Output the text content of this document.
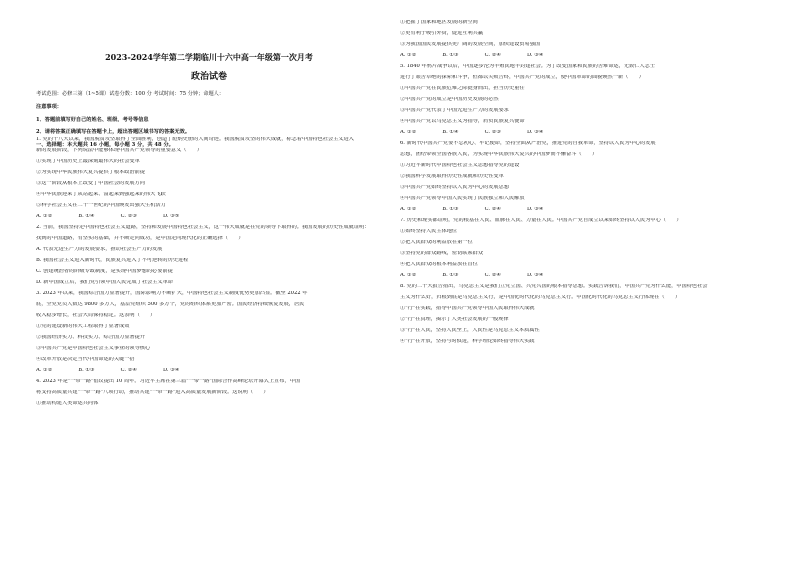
2023-2024学年第二学期临川十六中高一年级第一次月考
政治试卷
考试范围：必修三第（1~5课）试卷分数：100 分 考试时间：75 分钟；命题人：
注意事项：
1．答题前填写好自己的姓名、班级、考号等信息
2．请将答案正确填写在答题卡上，超出答题区域书写的答案无效。
一、选择题：本大题共 16 小题，每小题 3 分，共 48 分。
1. 党的十八大以来，我国脱贫攻坚取得了全面胜利，创造了彪炳史册的人间奇迹。我国脱贫攻坚的伟大成就，标志着中国特色社会主义进入
新的发展阶段，下列说法中能够体现中国共产党领导的重要意义（　　）
①实现了中国历史上最深刻最伟大的社会变革
②为实现中华民族伟大复兴提供了根本政治前提
③这一阶段从根本上改变了中国社会的发展方向
④中华民族迎来了从站起来、富起来到强起来的伟大飞跃
⑤科学社会主义在二十一世纪的中国焕发出强大生机活力
A. ①②　　　　　B. ①④　　　　　C. ②③　　　　　D. ③⑤
2. 当前，我国坚持走中国特色社会主义道路，坚持和发展中国特色社会主义，这一伟大成就是在党的领导下取得的。我国发展的历史性成就证明：
找到的中国道路，有坚实的基础，并不断走向成功，是中国走向现代化的正确选择（　　）
A. 代表先进生产力的发展要求，推动社会生产力的发展
B. 我国社会主义进入新时代，民族复兴进入了不可逆转的历史进程
C. 创建统治者的阶级专政制度，是实现中国梦想的必要前提
D. 新中国成立后，我们党引领中国人民完成了社会主义革命
3. 2023 年以来，我国综合国力显著提升，国际影响力不断扩大，中国特色社会主义制度优势更加凸显。截至 2022 年
底，全党党员人数达 9800 多万人，基层党组织 500 多万个，党的组织体系更加严密。国民经济持续恢复发展，居民
收入稳步增长，社会大局保持稳定。这表明（　　）
①党的建设新的伟大工程取得了显著成效
②我国经济实力、科技实力、综合国力显著提升
③中国共产党是中国特色社会主义事业的领导核心
④改革开放是决定当代中国命运的关键一招
A. ①②　　　　　B. ①③　　　　　C. ②④　　　　　D. ③④
4. 2023 年是"一带一路"倡议提出 10 周年。习近平主席在第三届"一带一路"国际合作高峰论坛开幕式上宣布，中国
将支持高质量共建"一带一路"八项行动，推动共建"一带一路"进入高质量发展新阶段。这说明（　　）
①推动构建人类命运共同体
①把握了国家和地区发展的新空间
②更有利于吸引外资，促进互利共赢
③为我国国民发展提供更广阔的发展空间，加快建设贸易强国
A. ①②　　　　　B. ①③　　　　　C. ②④　　　　　D. ③④
5. 1840 年鸦片战争以后，中国逐步沦为半殖民地半封建社会。为了改变国家和民族的苦难命运，无数仁人志士
进行了艰苦卓绝的探索和斗争，但都以失败告终，中国共产党的成立，使中国革命的面貌焕然一新（　　）
①中国共产党在民族危难之际挺身而出，担当历史重任
②中国共产党的成立是中国历史发展的必然
③中国共产党代表了中国先进生产力的发展要求
④中国共产党以马克思主义为指导，肩负民族复兴使命
A. ①②　　　　　B. ①④　　　　　C. ②③　　　　　D. ③④
6. 新时代中国共产党要不忘初心、牢记使命，坚持全面从严治党，推进党的自我革命，坚持以人民为中心的发展
思想，团结带领全国各族人民，为实现中华民族伟大复兴的中国梦而不懈奋斗（　　）
①习近平新时代中国特色社会主义思想指导党的建设
②我国科学发展取得历史性成就和历史性变革
③中国共产党始终坚持以人民为中心的发展思想
④中国共产党领导中国人民实现了民族独立和人民解放
A. ①②　　　　　B. ①③　　　　　C. ②④　　　　　D. ③④
7. 历史和现实都证明，党的根基在人民、血脉在人民、力量在人民。中国共产党自成立以来始终坚持以人民为中心（　　）
①始终坚持人民主体地位
②把人民群众的利益放在第一位
③坚持党的群众路线，密切联系群众
④把人民群众的根本利益放在首位
A. ①②　　　　　B. ①③　　　　　C. ②④　　　　　D. ③④
8. 党的二十大报告指出，马克思主义是我们立党立国、兴党兴国的根本指导思想。实践告诉我们，中国共产党为什么能，中国特色社会
主义为什么好，归根到底是马克思主义行，是中国化时代化的马克思主义行。中国化时代化的马克思主义行体现在（　　）
①"行"在实践，指导中国共产党领导中国人民取得伟大成就
②"行"在真理，揭示了人类社会发展的一般规律
③"行"在人民，坚持人民至上，人民性是马克思主义本质属性
④"行"在开放，坚持与时俱进，科学理论始终指导伟大实践
